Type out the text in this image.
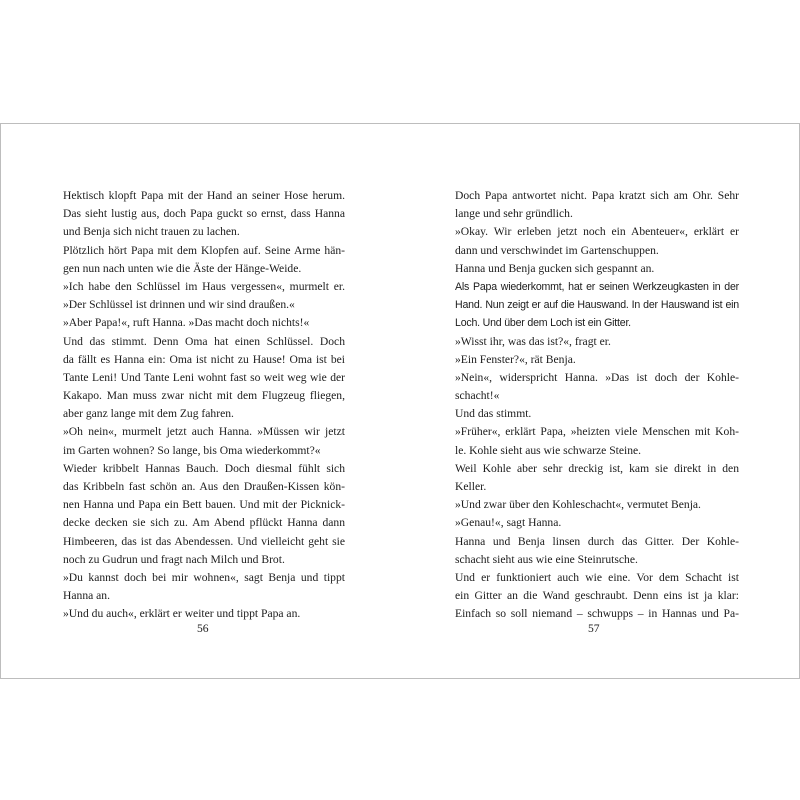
Hektisch klopft Papa mit der Hand an seiner Hose herum.
Das sieht lustig aus, doch Papa guckt so ernst, dass Hanna
und Benja sich nicht trauen zu lachen.
Plötzlich hört Papa mit dem Klopfen auf. Seine Arme hän-
gen nun nach unten wie die Äste der Hänge-Weide.
»Ich habe den Schlüssel im Haus vergessen«, murmelt er.
»Der Schlüssel ist drinnen und wir sind draußen.«
»Aber Papa!«, ruft Hanna. »Das macht doch nichts!«
Und das stimmt. Denn Oma hat einen Schlüssel. Doch
da fällt es Hanna ein: Oma ist nicht zu Hause! Oma ist bei
Tante Leni! Und Tante Leni wohnt fast so weit weg wie der
Kakapo. Man muss zwar nicht mit dem Flugzeug fliegen,
aber ganz lange mit dem Zug fahren.
»Oh nein«, murmelt jetzt auch Hanna. »Müssen wir jetzt
im Garten wohnen? So lange, bis Oma wiederkommt?«
Wieder kribbelt Hannas Bauch. Doch diesmal fühlt sich
das Kribbeln fast schön an. Aus den Draußen-Kissen kön-
nen Hanna und Papa ein Bett bauen. Und mit der Picknick-
decke decken sie sich zu. Am Abend pflückt Hanna dann
Himbeeren, das ist das Abendessen. Und vielleicht geht sie
noch zu Gudrun und fragt nach Milch und Brot.
»Du kannst doch bei mir wohnen«, sagt Benja und tippt
Hanna an.
»Und du auch«, erklärt er weiter und tippt Papa an.
56
Doch Papa antwortet nicht. Papa kratzt sich am Ohr. Sehr
lange und sehr gründlich.
»Okay. Wir erleben jetzt noch ein Abenteuer«, erklärt er
dann und verschwindet im Gartenschuppen.
Hanna und Benja gucken sich gespannt an.
Als Papa wiederkommt, hat er seinen Werkzeugkasten in der
Hand. Nun zeigt er auf die Hauswand. In der Hauswand ist ein
Loch. Und über dem Loch ist ein Gitter.
»Wisst ihr, was das ist?«, fragt er.
»Ein Fenster?«, rät Benja.
»Nein«, widerspricht Hanna. »Das ist doch der Kohle-
schacht!«
Und das stimmt.
»Früher«, erklärt Papa, »heizten viele Menschen mit Koh-
le. Kohle sieht aus wie schwarze Steine.
Weil Kohle aber sehr dreckig ist, kam sie direkt in den
Keller.
»Und zwar über den Kohleschacht«, vermutet Benja.
»Genau!«, sagt Hanna.
Hanna und Benja linsen durch das Gitter. Der Kohle-
schacht sieht aus wie eine Steinrutsche.
Und er funktioniert auch wie eine. Vor dem Schacht ist
ein Gitter an die Wand geschraubt. Denn eins ist ja klar:
Einfach so soll niemand – schwupps – in Hannas und Pa-
57
